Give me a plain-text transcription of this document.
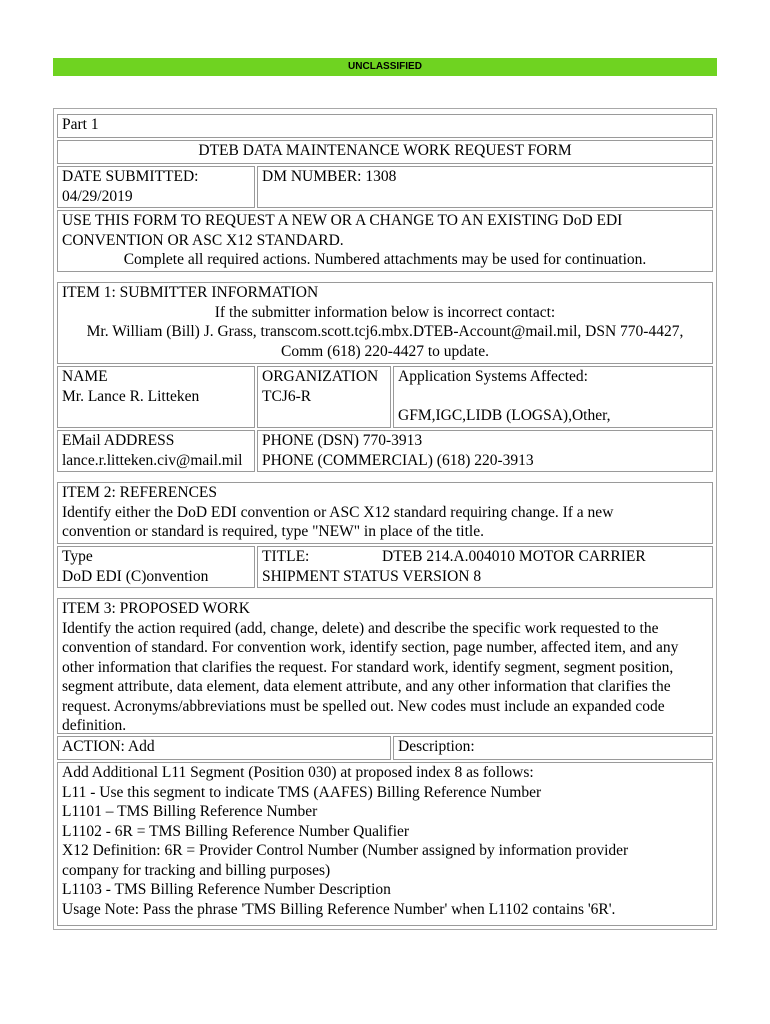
UNCLASSIFIED
Part 1
DTEB DATA MAINTENANCE WORK REQUEST FORM
DATE SUBMITTED:
04/29/2019
DM NUMBER: 1308
USE THIS FORM TO REQUEST A NEW OR A CHANGE TO AN EXISTING DoD EDI
CONVENTION OR ASC X12 STANDARD.
Complete all required actions. Numbered attachments may be used for continuation.
ITEM 1: SUBMITTER INFORMATION
If the submitter information below is incorrect contact:
Mr. William (Bill) J. Grass, transcom.scott.tcj6.mbx.DTEB-Account@mail.mil, DSN 770-4427,
Comm (618) 220-4427 to update.
NAME
Mr. Lance R. Litteken
ORGANIZATION
TCJ6-R
Application Systems Affected:
GFM,IGC,LIDB (LOGSA),Other,
EMail ADDRESS
lance.r.litteken.civ@mail.mil
PHONE (DSN) 770-3913
PHONE (COMMERCIAL) (618) 220-3913
ITEM 2: REFERENCES
Identify either the DoD EDI convention or ASC X12 standard requiring change. If a new
convention or standard is required, type "NEW" in place of the title.
Type
DoD EDI (C)onvention
TITLE:	DTEB 214.A.004010 MOTOR CARRIER
SHIPMENT STATUS VERSION 8
ITEM 3: PROPOSED WORK
Identify the action required (add, change, delete) and describe the specific work requested to the
convention of standard. For convention work, identify section, page number, affected item, and any
other information that clarifies the request. For standard work, identify segment, segment position,
segment attribute, data element, data element attribute, and any other information that clarifies the
request. Acronyms/abbreviations must be spelled out. New codes must include an expanded code
definition.
ACTION: Add	Description:
Add Additional L11 Segment (Position 030) at proposed index 8 as follows:
L11 - Use this segment to indicate TMS (AAFES) Billing Reference Number
L1101 – TMS Billing Reference Number
L1102 - 6R = TMS Billing Reference Number Qualifier
X12 Definition: 6R = Provider Control Number (Number assigned by information provider
company for tracking and billing purposes)
L1103 - TMS Billing Reference Number Description
Usage Note: Pass the phrase 'TMS Billing Reference Number' when L1102 contains '6R'.
